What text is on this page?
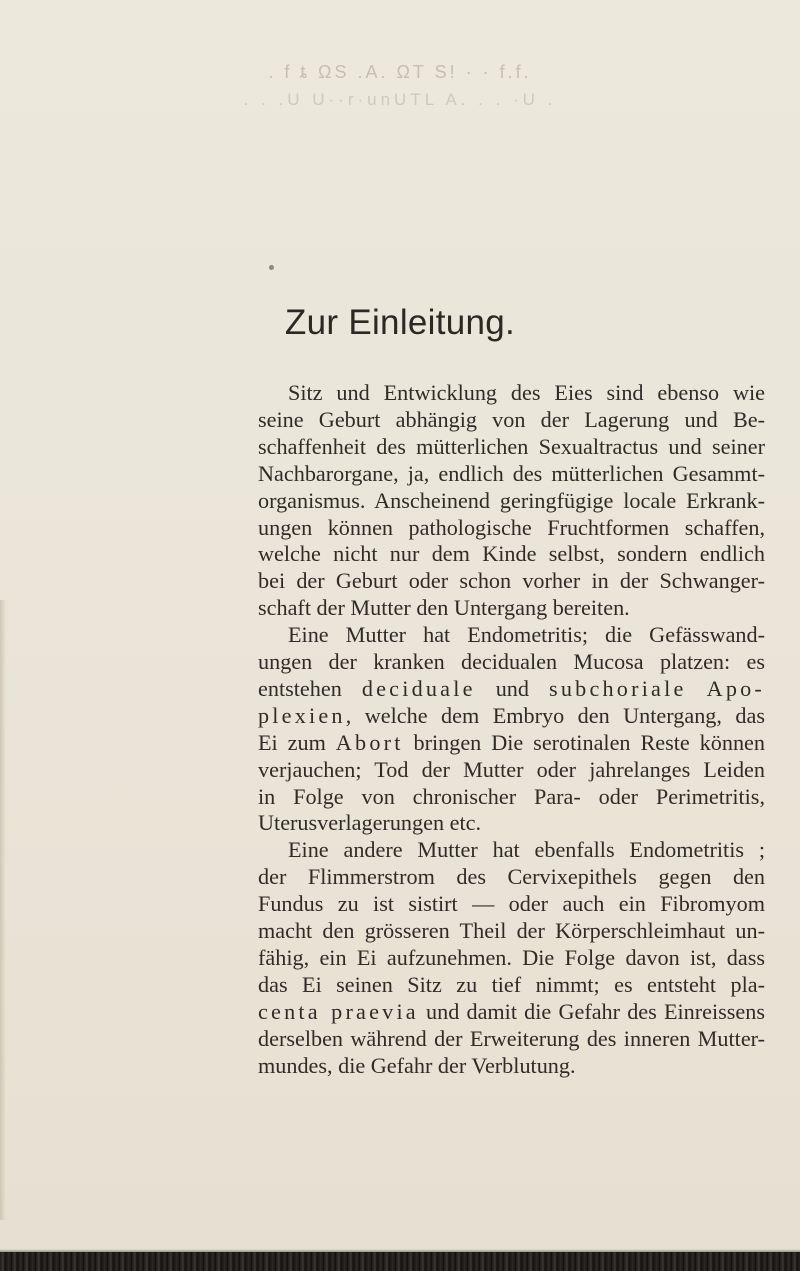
. f ȶ ΩS .A. ΩT S! · · f.f.
. . .U U··r·unUTL A. . . ·U .
Zur Einleitung.
Sitz und Entwicklung des Eies sind ebenso wie
seine Geburt abhängig von der Lagerung und Be-
schaffenheit des mütterlichen Sexualtractus und seiner
Nachbarorgane, ja, endlich des mütterlichen Gesammt-
organismus. Anscheinend geringfügige locale Erkrank-
ungen können pathologische Fruchtformen schaffen,
welche nicht nur dem Kinde selbst, sondern endlich
bei der Geburt oder schon vorher in der Schwanger-
schaft der Mutter den Untergang bereiten.
Eine Mutter hat Endometritis; die Gefässwand-
ungen der kranken decidualen Mucosa platzen: es
entstehen deciduale und subchoriale Apo-
plexien, welche dem Embryo den Untergang, das
Ei zum Abort bringen Die serotinalen Reste können
verjauchen; Tod der Mutter oder jahrelanges Leiden
in Folge von chronischer Para- oder Perimetritis,
Uterusverlagerungen etc.
Eine andere Mutter hat ebenfalls Endometritis ;
der Flimmerstrom des Cervixepithels gegen den
Fundus zu ist sistirt — oder auch ein Fibromyom
macht den grösseren Theil der Körperschleimhaut un-
fähig, ein Ei aufzunehmen. Die Folge davon ist, dass
das Ei seinen Sitz zu tief nimmt; es entsteht pla-
centa praevia und damit die Gefahr des Einreissens
derselben während der Erweiterung des inneren Mutter-
mundes, die Gefahr der Verblutung.
